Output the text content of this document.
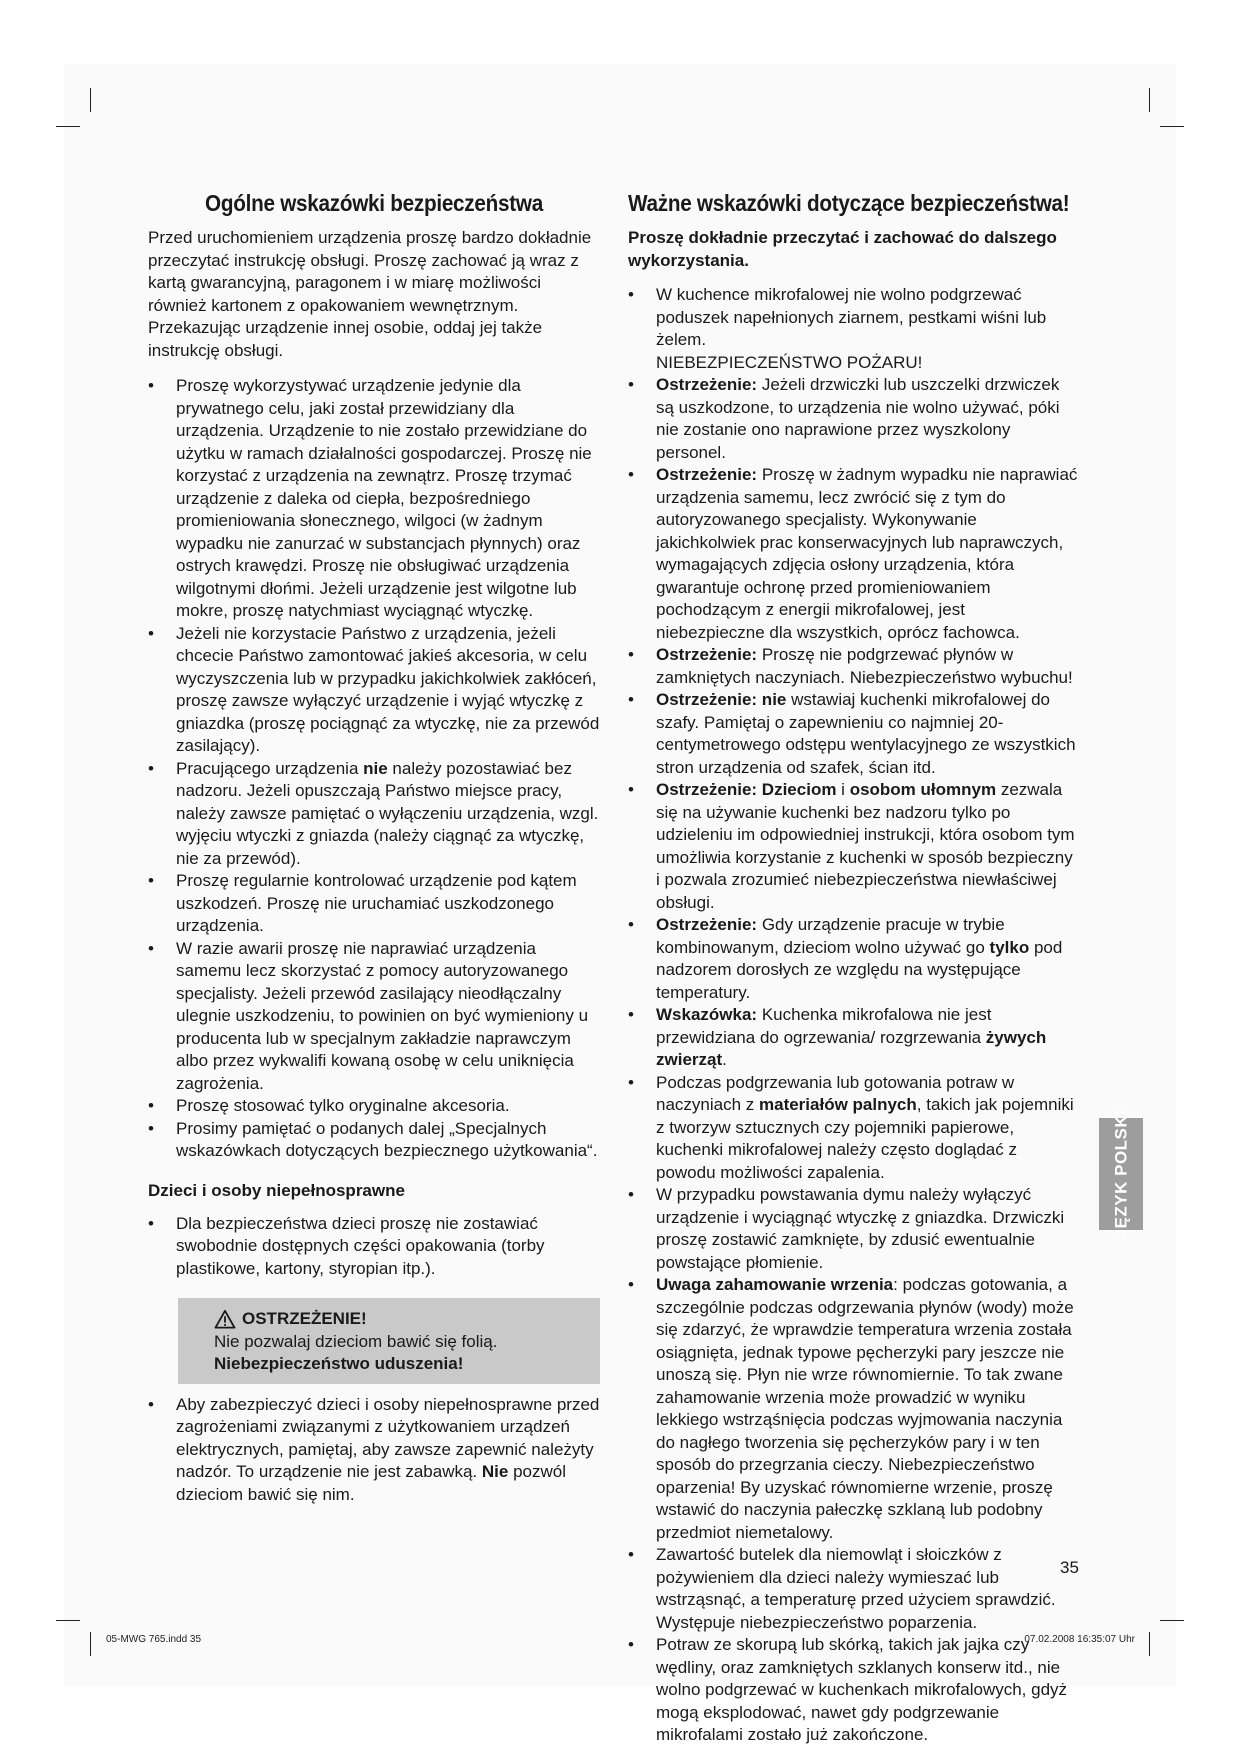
Ogólne wskazówki bezpieczeństwa

Przed uruchomieniem urządzenia proszę bardzo dokładnie przeczytać instrukcję obsługi. Proszę zachować ją wraz z kartą gwarancyjną, paragonem i w miarę możliwości również kartonem z opakowaniem wewnętrznym. Przekazując urządzenie innej osobie, oddaj jej także instrukcję obsługi.

• Proszę wykorzystywać urządzenie jedynie dla prywatnego celu, jaki został przewidziany dla urządzenia. Urządzenie to nie zostało przewidziane do użytku w ramach działalności gospodarczej. Proszę nie korzystać z urządzenia na zewnątrz. Proszę trzymać urządzenie z daleka od ciepła, bezpośredniego promieniowania słonecznego, wilgoci (w żadnym wypadku nie zanurzać w substancjach płynnych) oraz ostrych krawędzi. Proszę nie obsługiwać urządzenia wilgotnymi dłońmi. Jeżeli urządzenie jest wilgotne lub mokre, proszę natychmiast wyciągnąć wtyczkę.
• Jeżeli nie korzystacie Państwo z urządzenia, jeżeli chcecie Państwo zamontować jakieś akcesoria, w celu wyczyszczenia lub w przypadku jakichkolwiek zakłóceń, proszę zawsze wyłączyć urządzenie i wyjąć wtyczkę z gniazdka (proszę pociągnąć za wtyczkę, nie za przewód zasilający).
• Pracującego urządzenia nie należy pozostawiać bez nadzoru. Jeżeli opuszczają Państwo miejsce pracy, należy zawsze pamiętać o wyłączeniu urządzenia, wzgl. wyjęciu wtyczki z gniazda (należy ciągnąć za wtyczkę, nie za przewód).
• Proszę regularnie kontrolować urządzenie pod kątem uszkodzeń. Proszę nie uruchamiać uszkodzonego urządzenia.
• W razie awarii proszę nie naprawiać urządzenia samemu lecz skorzystać z pomocy autoryzowanego specjalisty. Jeżeli przewód zasilający nieodłączalny ulegnie uszkodzeniu, to powinien on być wymieniony u producenta lub w specjalnym zakładzie naprawczym albo przez wykwalifi kowaną osobę w celu uniknięcia zagrożenia.
• Proszę stosować tylko oryginalne akcesoria.
• Prosimy pamiętać o podanych dalej „Specjalnych wskazówkach dotyczących bezpiecznego użytkowania“.
Dzieci i osoby niepełnosprawne
• Dla bezpieczeństwa dzieci proszę nie zostawiać swobodnie dostępnych części opakowania (torby plastikowe, kartony, styropian itp.).
OSTRZEŻENIE!
Nie pozwalaj dzieciom bawić się folią.
Niebezpieczeństwo uduszenia!
• Aby zabezpieczyć dzieci i osoby niepełnosprawne przed zagrożeniami związanymi z użytkowaniem urządzeń elektrycznych, pamiętaj, aby zawsze zapewnić należyty nadzór. To urządzenie nie jest zabawką. Nie pozwól dzieciom bawić się nim.
Ważne wskazówki dotyczące bezpieczeństwa!
Proszę dokładnie przeczytać i zachować do dalszego wykorzystania.
• W kuchence mikrofalowej nie wolno podgrzewać poduszek napełnionych ziarnem, pestkami wiśni lub żelem.
NIEBEZPIECZEŃSTWO POŻARU!
• Ostrzeżenie: Jeżeli drzwiczki lub uszczelki drzwiczek są uszkodzone, to urządzenia nie wolno używać, póki nie zostanie ono naprawione przez wyszkolony personel.
• Ostrzeżenie: Proszę w żadnym wypadku nie naprawiać urządzenia samemu, lecz zwrócić się z tym do autoryzowanego specjalisty. Wykonywanie jakichkolwiek prac konserwacyjnych lub naprawczych, wymagających zdjęcia osłony urządzenia, która gwarantuje ochronę przed promieniowaniem pochodzącym z energii mikrofalowej, jest niebezpieczne dla wszystkich, oprócz fachowca.
• Ostrzeżenie: Proszę nie podgrzewać płynów w zamkniętych naczyniach. Niebezpieczeństwo wybuchu!
• Ostrzeżenie: nie wstawiaj kuchenki mikrofalowej do szafy. Pamiętaj o zapewnieniu co najmniej 20-centymetrowego odstępu wentylacyjnego ze wszystkich stron urządzenia od szafek, ścian itd.
• Ostrzeżenie: Dzieciom i osobom ułomnym zezwala się na używanie kuchenki bez nadzoru tylko po udzieleniu im odpowiedniej instrukcji, która osobom tym umożliwia korzystanie z kuchenki w sposób bezpieczny i pozwala zrozumieć niebezpieczeństwa niewłaściwej obsługi.
• Ostrzeżenie: Gdy urządzenie pracuje w trybie kombinowanym, dzieciom wolno używać go tylko pod nadzorem dorosłych ze względu na występujące temperatury.
• Wskazówka: Kuchenka mikrofalowa nie jest przewidziana do ogrzewania/ rozgrzewania żywych zwierząt.
• Podczas podgrzewania lub gotowania potraw w naczyniach z materiałów palnych, takich jak pojemniki z tworzyw sztucznych czy pojemniki papierowe, kuchenki mikrofalowej należy często doglądać z powodu możliwości zapalenia.
• W przypadku powstawania dymu należy wyłączyć urządzenie i wyciągnąć wtyczkę z gniazdka. Drzwiczki proszę zostawić zamknięte, by zdusić ewentualnie powstające płomienie.
• Uwaga zahamowanie wrzenia: podczas gotowania, a szczególnie podczas odgrzewania płynów (wody) może się zdarzyć, że wprawdzie temperatura wrzenia została osiągnięta, jednak typowe pęcherzyki pary jeszcze nie unoszą się. Płyn nie wrze równomiernie. To tak zwane zahamowanie wrzenia może prowadzić w wyniku lekkiego wstrząśnięcia podczas wyjmowania naczynia do nagłego tworzenia się pęcherzyków pary i w ten sposób do przegrzania cieczy. Niebezpieczeństwo oparzenia! By uzyskać równomierne wrzenie, proszę wstawić do naczynia pałeczkę szklaną lub podobny przedmiot niemetalowy.
• Zawartość butelek dla niemowląt i słoiczków z pożywieniem dla dzieci należy wymieszać lub wstrząsnąć, a temperaturę przed użyciem sprawdzić. Występuje niebezpieczeństwo poparzenia.
• Potraw ze skorupą lub skórką, takich jak jajka czy wędliny, oraz zamkniętych szklanych konserw itd., nie wolno podgrzewać w kuchenkach mikrofalowych, gdyż mogą eksplodować, nawet gdy podgrzewanie mikrofalami zostało już zakończone.
JĘZYK POLSKI
35
05-MWG 765.indd 35	07.02.2008 16:35:07 Uhr
